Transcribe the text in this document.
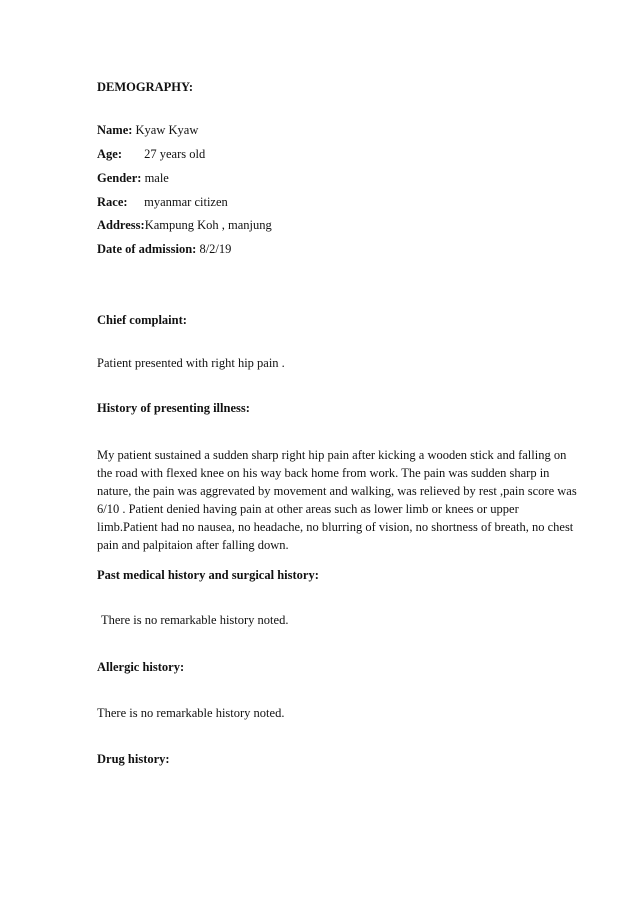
DEMOGRAPHY:
Name: Kyaw Kyaw
Age: 27 years old
Gender: male
Race: myanmar citizen
Address:Kampung Koh , manjung
Date of admission: 8/2/19
Chief complaint:
Patient presented with right hip pain .
History of presenting illness:
My patient sustained a sudden sharp right hip pain after kicking a wooden stick and falling on
the road with flexed knee on his way back home from work. The pain was sudden sharp in
nature, the pain was aggrevated by movement and walking, was relieved by rest ,pain score was
6/10 . Patient denied having pain at other areas such as lower limb or knees or upper
limb.Patient had no nausea, no headache, no blurring of vision, no shortness of breath, no chest
pain and palpitaion after falling down.
Past medical history and surgical history:
There is no remarkable history noted.
Allergic history:
There is no remarkable history noted.
Drug history:
